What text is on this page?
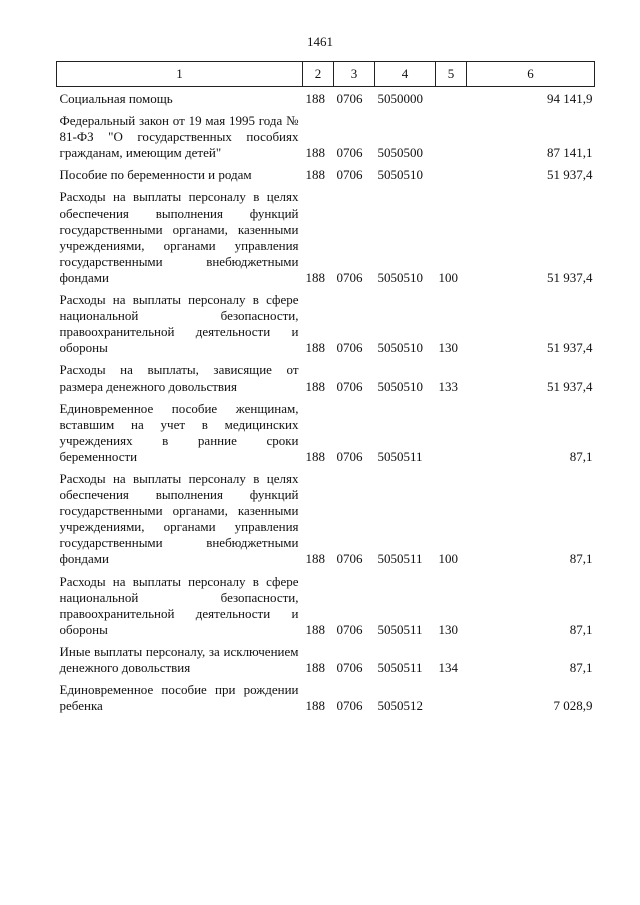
1461
1	2	3	4	5	6
Социальная помощь	188	0706	5050000		94 141,9
Федеральный закон от 19 мая 1995 года № 81-ФЗ "О государственных пособиях гражданам, имеющим детей"	188	0706	5050500		87 141,1
Пособие по беременности и родам	188	0706	5050510		51 937,4
Расходы на выплаты персоналу в целях обеспечения выполнения функций государственными органами, казенными учреждениями, органами управления государственными внебюджетными фондами	188	0706	5050510	100	51 937,4
Расходы на выплаты персоналу в сфере национальной безопасности, правоохранительной деятельности и обороны	188	0706	5050510	130	51 937,4
Расходы на выплаты, зависящие от размера денежного довольствия	188	0706	5050510	133	51 937,4
Единовременное пособие женщинам, вставшим на учет в медицинских учреждениях в ранние сроки беременности	188	0706	5050511		87,1
Расходы на выплаты персоналу в целях обеспечения выполнения функций государственными органами, казенными учреждениями, органами управления государственными внебюджетными фондами	188	0706	5050511	100	87,1
Расходы на выплаты персоналу в сфере национальной безопасности, правоохранительной деятельности и обороны	188	0706	5050511	130	87,1
Иные выплаты персоналу, за исключением денежного довольствия	188	0706	5050511	134	87,1
Единовременное пособие при рождении ребенка	188	0706	5050512		7 028,9
